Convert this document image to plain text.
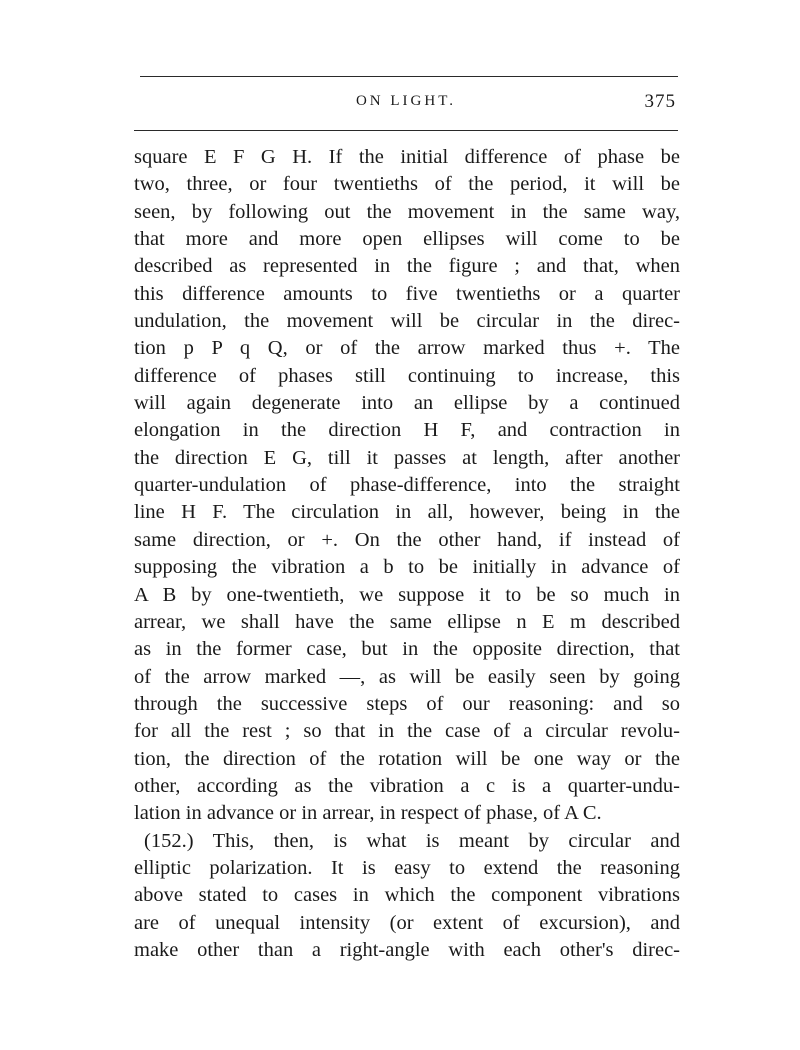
ON LIGHT.	375
square E F G H. If the initial difference of phase be
two, three, or four twentieths of the period, it will be
seen, by following out the movement in the same way,
that more and more open ellipses will come to be
described as represented in the figure ; and that, when
this difference amounts to five twentieths or a quarter
undulation, the movement will be circular in the direc-
tion p P q Q, or of the arrow marked thus +. The
difference of phases still continuing to increase, this
will again degenerate into an ellipse by a continued
elongation in the direction H F, and contraction in
the direction E G, till it passes at length, after another
quarter-undulation of phase-difference, into the straight
line H F. The circulation in all, however, being in the
same direction, or +. On the other hand, if instead of
supposing the vibration a b to be initially in advance of
A B by one-twentieth, we suppose it to be so much in
arrear, we shall have the same ellipse n E m described
as in the former case, but in the opposite direction, that
of the arrow marked —, as will be easily seen by going
through the successive steps of our reasoning: and so
for all the rest ; so that in the case of a circular revolu-
tion, the direction of the rotation will be one way or the
other, according as the vibration a c is a quarter-undu-
lation in advance or in arrear, in respect of phase, of A C.
(152.) This, then, is what is meant by circular and
elliptic polarization. It is easy to extend the reasoning
above stated to cases in which the component vibrations
are of unequal intensity (or extent of excursion), and
make other than a right-angle with each other's direc-
